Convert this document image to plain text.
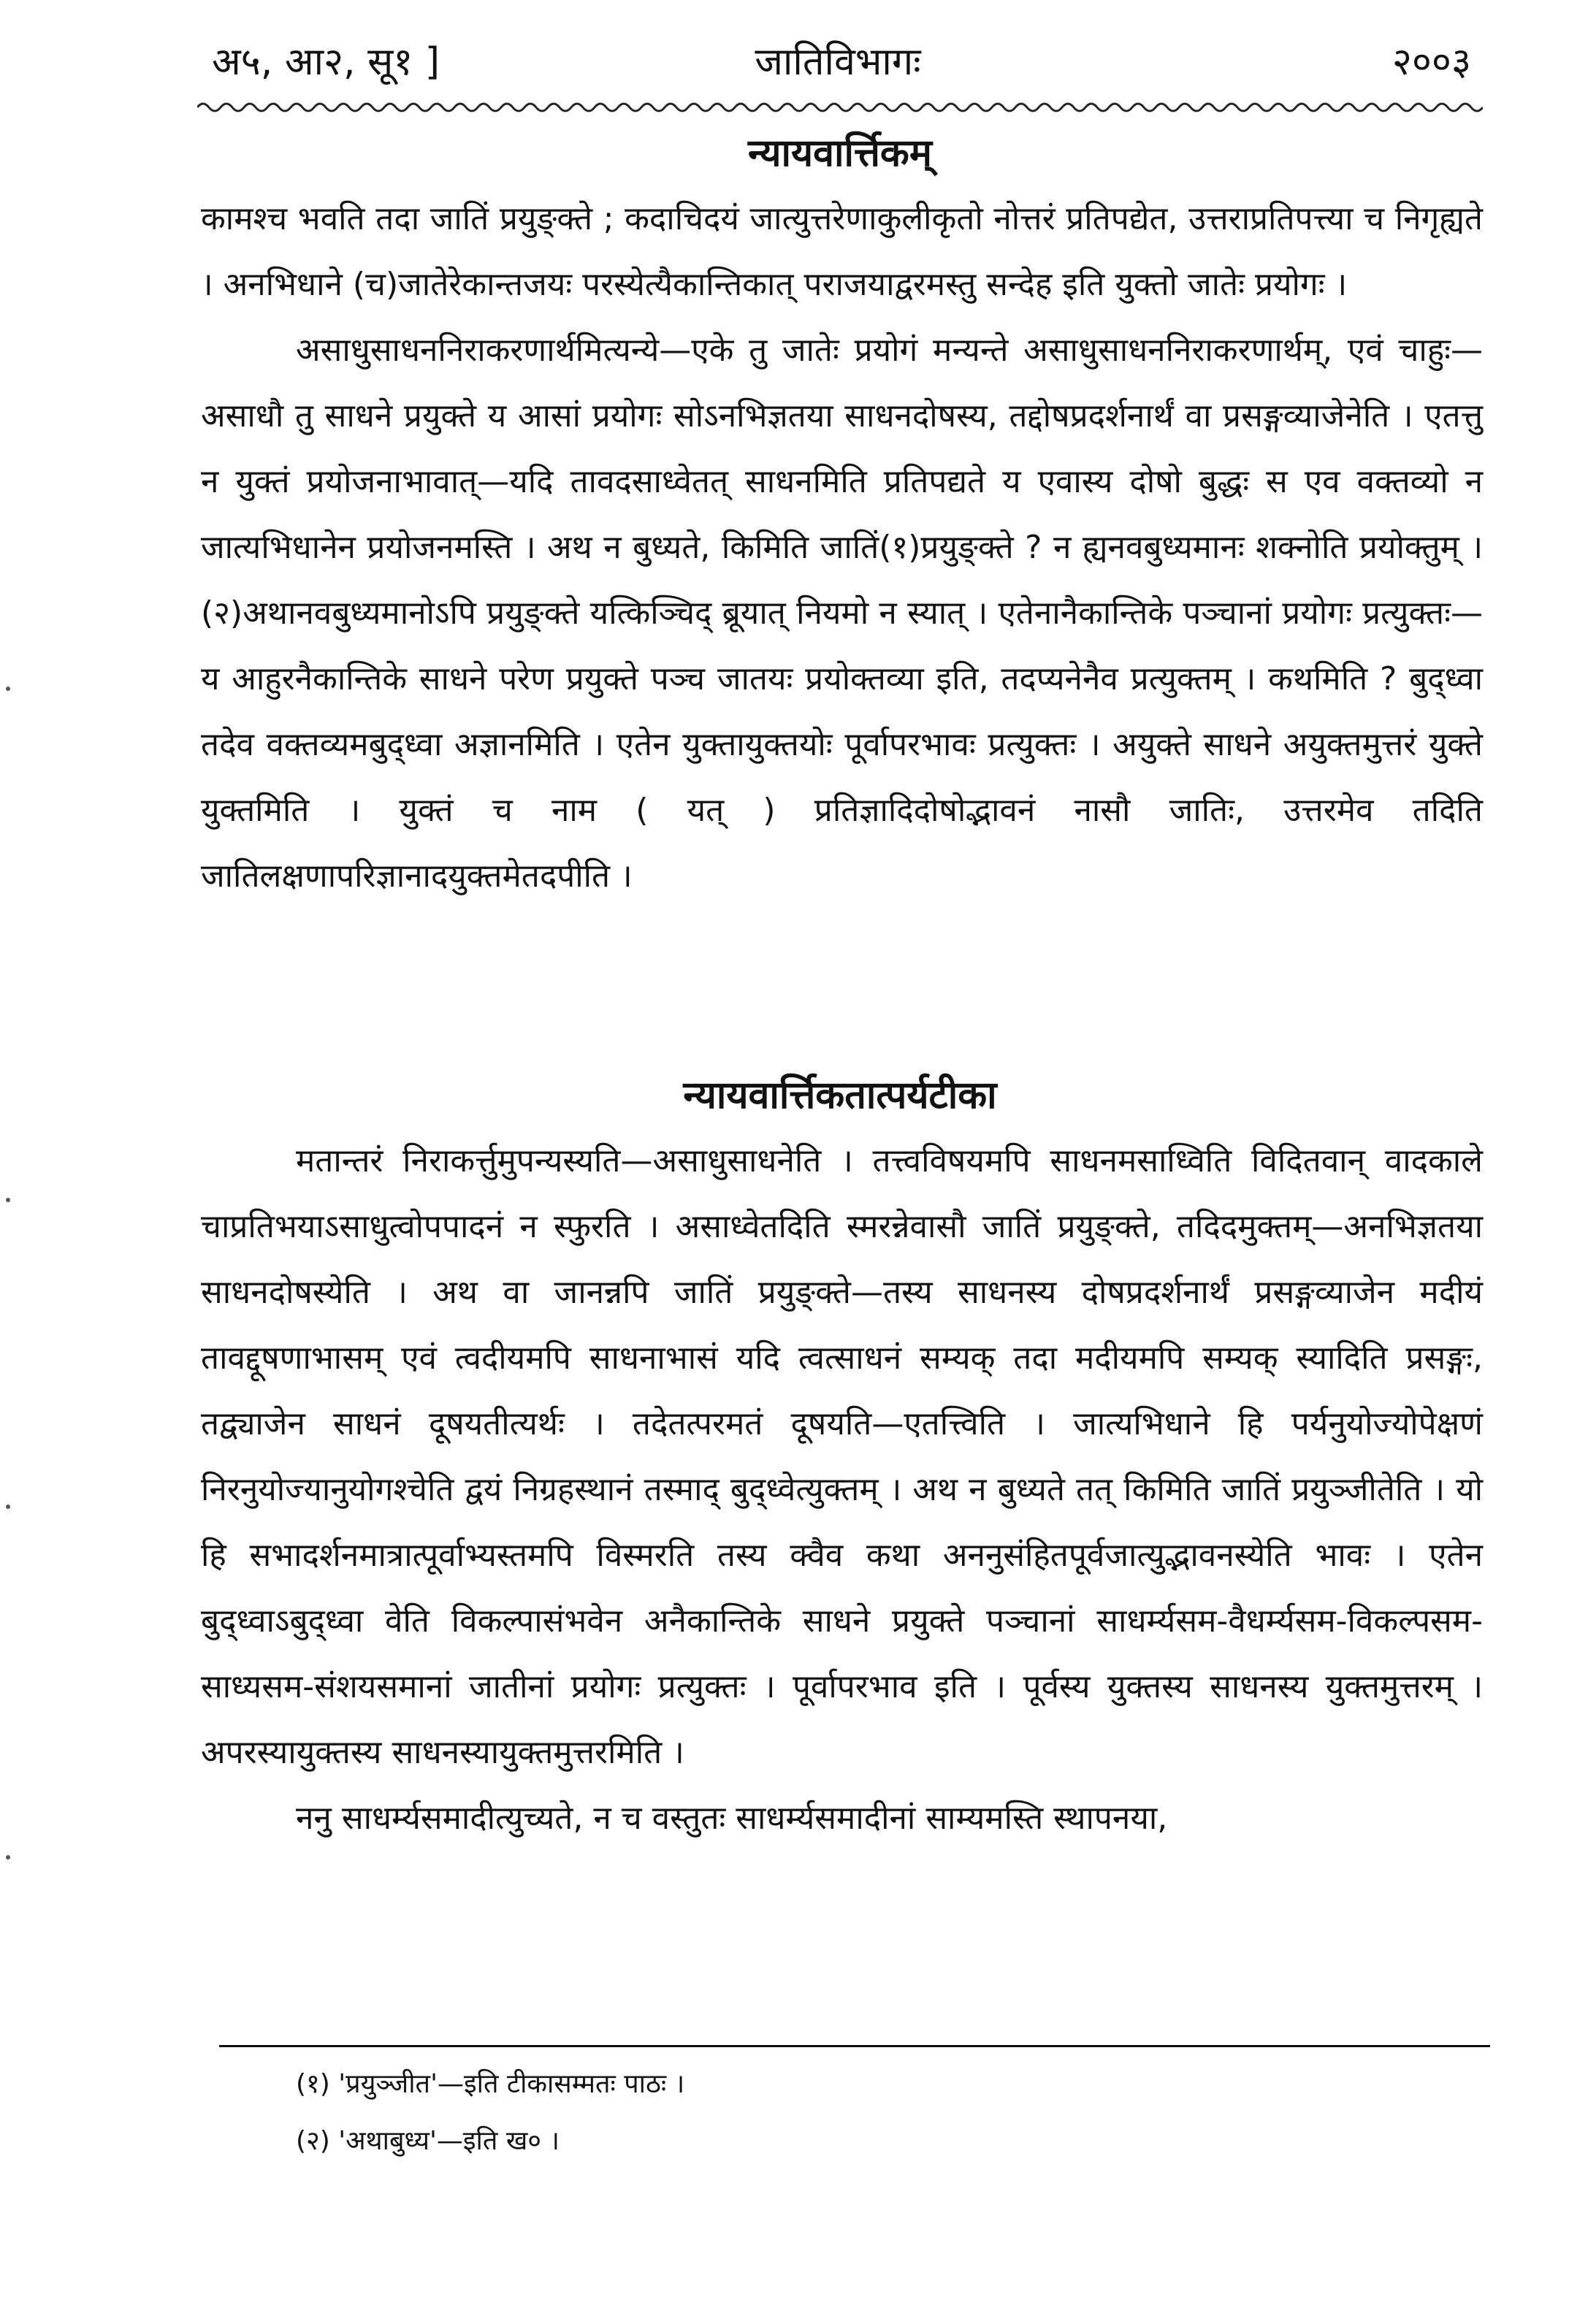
अ५, आ२, सू१ ]	जातिविभागः	२००३
न्यायवार्त्तिकम्

कामश्च भवति तदा जातिं प्रयुङ्क्ते ; कदाचिदयं जात्युत्तरेणाकुलीकृतो नोत्तरं प्रतिपद्येत, उत्तराप्रतिपत्त्या च निगृह्यते । अनभिधाने (च)जातेरेकान्तजयः परस्येत्यैकान्तिकात् पराजयाद्वरमस्तु सन्देह इति युक्तो जातेः प्रयोगः ।

असाधुसाधननिराकरणार्थमित्यन्ये—एके तु जातेः प्रयोगं मन्यन्ते असाधुसाधननिराकरणार्थम्, एवं चाहुः—असाधौ तु साधने प्रयुक्ते य आसां प्रयोगः सोऽनभिज्ञतया साधनदोषस्य, तद्दोषप्रदर्शनार्थं वा प्रसङ्गव्याजेनेति । एतत्तु न युक्तं प्रयोजनाभावात्—यदि तावदसाध्वेतत् साधनमिति प्रतिपद्यते य एवास्य दोषो बुद्धः स एव वक्तव्यो न जात्यभिधानेन प्रयोजनमस्ति । अथ न बुध्यते, किमिति जातिं(१)प्रयुङ्क्ते ? न ह्यनवबुध्यमानः शक्नोति प्रयोक्तुम् । (२)अथानवबुध्यमानोऽपि प्रयुङ्क्ते यत्किञ्चिद् ब्रूयात् नियमो न स्यात् । एतेनानैकान्तिके पञ्चानां प्रयोगः प्रत्युक्तः—य आहुरनैकान्तिके साधने परेण प्रयुक्ते पञ्च जातयः प्रयोक्तव्या इति, तदप्यनेनैव प्रत्युक्तम् । कथमिति ? बुद्ध्वा तदेव वक्तव्यमबुद्ध्वा अज्ञानमिति । एतेन युक्तायुक्तयोः पूर्वापरभावः प्रत्युक्तः । अयुक्ते साधने अयुक्तमुत्तरं युक्ते युक्तमिति । युक्तं च नाम ( यत् ) प्रतिज्ञादिदोषोद्भावनं नासौ जातिः, उत्तरमेव तदिति जातिलक्षणापरिज्ञानादयुक्तमेतदपीति ।

न्यायवार्त्तिकतात्पर्यटीका

मतान्तरं निराकर्त्तुमुपन्यस्यति—असाधुसाधनेति । तत्त्वविषयमपि साधनमसाध्विति विदितवान् वादकाले चाप्रतिभयाऽसाधुत्वोपपादनं न स्फुरति । असाध्वेतदिति स्मरन्नेवासौ जातिं प्रयुङ्क्ते, तदिदमुक्तम्—अनभिज्ञतया साधनदोषस्येति । अथ वा जानन्नपि जातिं प्रयुङ्क्ते—तस्य साधनस्य दोषप्रदर्शनार्थं प्रसङ्गव्याजेन मदीयं तावद्दूषणाभासम् एवं त्वदीयमपि साधनाभासं यदि त्वत्साधनं सम्यक् तदा मदीयमपि सम्यक् स्यादिति प्रसङ्गः, तद्व्याजेन साधनं दूषयतीत्यर्थः । तदेतत्परमतं दूषयति—एतत्त्विति । जात्यभिधाने हि पर्यनुयोज्योपेक्षणं निरनुयोज्यानुयोगश्चेति द्वयं निग्रहस्थानं तस्माद् बुद्ध्वेत्युक्तम् । अथ न बुध्यते तत् किमिति जातिं प्रयुञ्जीतेति । यो हि सभादर्शनमात्रात्पूर्वाभ्यस्तमपि विस्मरति तस्य क्वैव कथा अननुसंहितपूर्वजात्युद्भावनस्येति भावः । एतेन बुद्ध्वाऽबुद्ध्वा वेति विकल्पासंभवेन अनैकान्तिके साधने प्रयुक्ते पञ्चानां साधर्म्यसम-वैधर्म्यसम-विकल्पसम-साध्यसम-संशयसमानां जातीनां प्रयोगः प्रत्युक्तः । पूर्वापरभाव इति । पूर्वस्य युक्तस्य साधनस्य युक्तमुत्तरम् । अपरस्यायुक्तस्य साधनस्यायुक्तमुत्तरमिति ।

ननु साधर्म्यसमादीत्युच्यते, न च वस्तुतः साधर्म्यसमादीनां साम्यमस्ति स्थापनया,

(१) 'प्रयुञ्जीत'—इति टीकासम्मतः पाठः ।
(२) 'अथाबुध्य'—इति ख० ।
